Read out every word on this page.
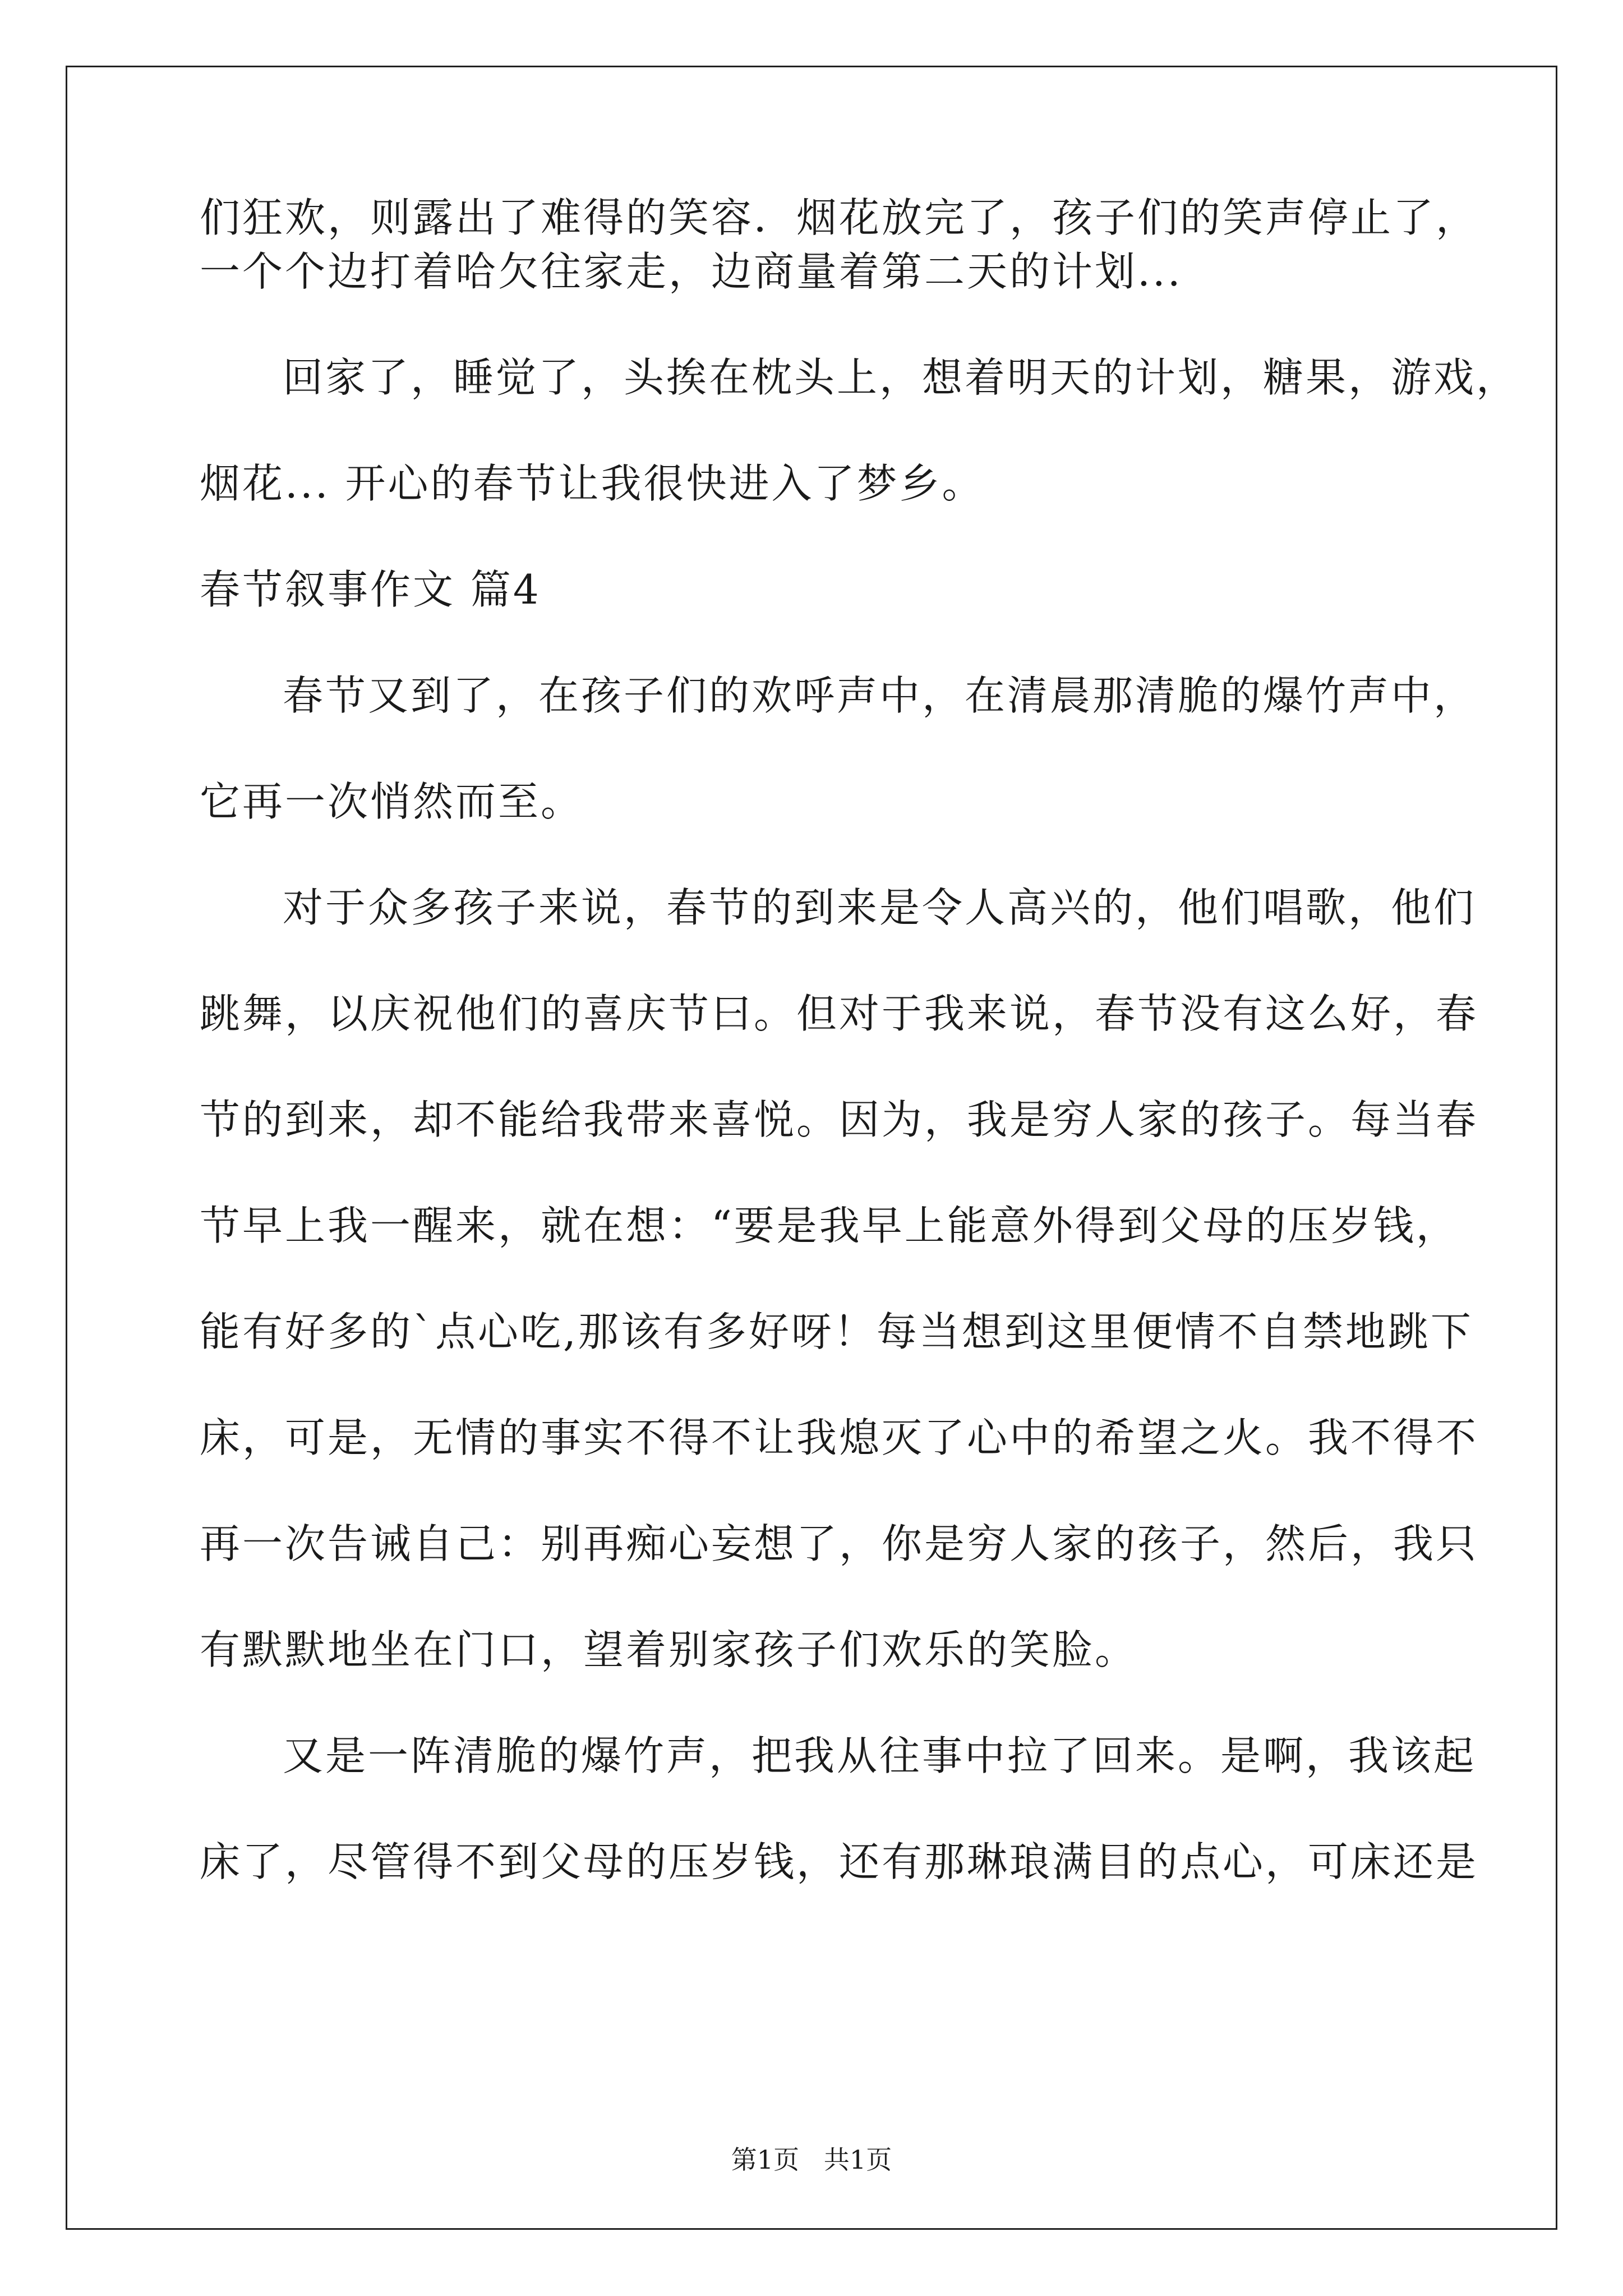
们狂欢，则露出了难得的笑容．烟花放完了，孩子们的笑声停止了，
一个个边打着哈欠往家走，边商量着第二天的计划...
回家了，睡觉了，头挨在枕头上，想着明天的计划，糖果，游戏，
烟花... 开心的春节让我很快进入了梦乡。
春节叙事作文 篇4
春节又到了，在孩子们的欢呼声中，在清晨那清脆的爆竹声中，
它再一次悄然而至。
对于众多孩子来说，春节的到来是令人高兴的，他们唱歌，他们
跳舞，以庆祝他们的喜庆节曰。但对于我来说，春节没有这么好，春
节的到来，却不能给我带来喜悦。因为，我是穷人家的孩子。每当春
节早上我一醒来，就在想：“要是我早上能意外得到父母的压岁钱，
能有好多的`点心吃,那该有多好呀！每当想到这里便情不自禁地跳下
床，可是，无情的事实不得不让我熄灭了心中的希望之火。我不得不
再一次告诫自己：别再痴心妄想了，你是穷人家的孩子，然后，我只
有默默地坐在门口，望着别家孩子们欢乐的笑脸。
又是一阵清脆的爆竹声，把我从往事中拉了回来。是啊，我该起
床了，尽管得不到父母的压岁钱，还有那琳琅满目的点心，可床还是
第1页   共1页
